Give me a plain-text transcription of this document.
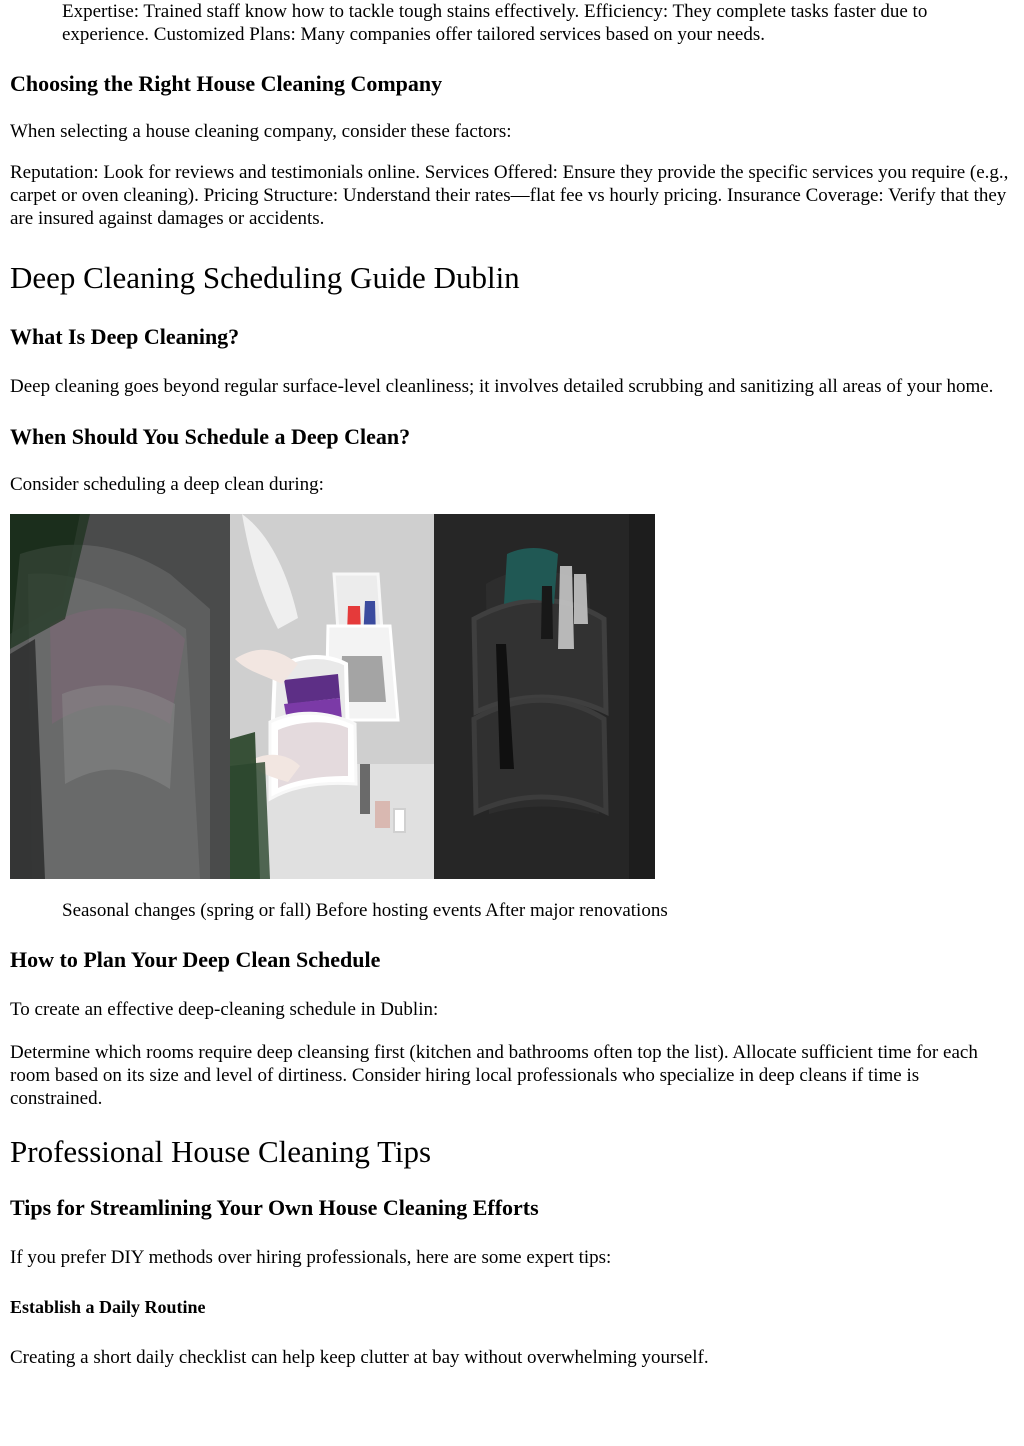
Expertise: Trained staff know how to tackle tough stains effectively. Efficiency: They complete tasks faster due to experience. Customized Plans: Many companies offer tailored services based on your needs.

Choosing the Right House Cleaning Company

When selecting a house cleaning company, consider these factors:

Reputation: Look for reviews and testimonials online. Services Offered: Ensure they provide the specific services you require (e.g., carpet or oven cleaning). Pricing Structure: Understand their rates—flat fee vs hourly pricing. Insurance Coverage: Verify that they are insured against damages or accidents.

Deep Cleaning Scheduling Guide Dublin
What Is Deep Cleaning?

Deep cleaning goes beyond regular surface-level cleanliness; it involves detailed scrubbing and sanitizing all areas of your home.

When Should You Schedule a Deep Clean?

Consider scheduling a deep clean during:

Seasonal changes (spring or fall) Before hosting events After major renovations

How to Plan Your Deep Clean Schedule

To create an effective deep-cleaning schedule in Dublin:

Determine which rooms require deep cleansing first (kitchen and bathrooms often top the list). Allocate sufficient time for each room based on its size and level of dirtiness. Consider hiring local professionals who specialize in deep cleans if time is constrained.

Professional House Cleaning Tips
Tips for Streamlining Your Own House Cleaning Efforts

If you prefer DIY methods over hiring professionals, here are some expert tips:

Establish a Daily Routine

Creating a short daily checklist can help keep clutter at bay without overwhelming yourself.
